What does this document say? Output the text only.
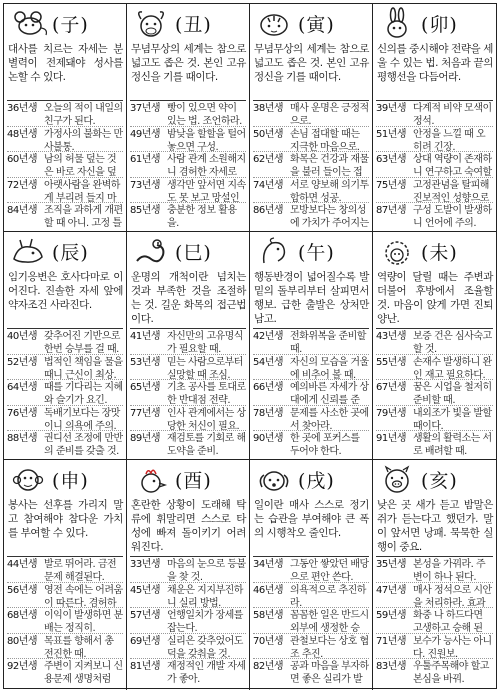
(子)
대사를 치르는 자세는 분별력이 전제돼야 성사를 논할 수 있다.
36년생 오늘의 적이 내일의 친구가 된다.
48년생 가정사의 불화는 만사불통.
60년생 남의 허물 덮는 것은 바로 자신을 덮
72년생 아랫사람을 완벽하게 부리려 들지 마
84년생 조직을 과하게 개편할 때 아니. 고정 틀
(丑)
무념무상의 세계는 참으로 넓고도 좁은 것. 본인 고유 정신을 기를 때이다.
37년생 빵이 있으면 약이 있는 법. 조언하라.
49년생 밤낮을 할할을 털어 놓으면 구성.
61년생 사람 관계 소원해지니 겸허한 자세로
73년생 생각만 앞서면 지속도 못 보고 망설인
85년생 충분한 정보 활용을.
(寅)
무념무상의 세계는 참으로 넓고도 좁은 것. 본인 고유 정신을 기를 때이다.
38년생 매사 운명은 긍정적으로.
50년생 손님 접대할 때는 지극한 마음으로.
62년생 화목은 건강과 재물을 불러 들이는 접
74년생 서로 양보해 의기투합하면 성공.
86년생 모방보다는 창의성에 가치가 주어지는
(卯)
신의를 중시해야 전략을 세울 수 있는 법. 처음과 끝의 평행선을 다듬어라.
39년생 다계적 비약 모색이 정석.
51년생 안정을 느낄 때 오히려 긴장.
63년생 상대 역량이 존재하니 연구하고 숙여할
75년생 고정관념을 탈피해 진보적인 성향으로
87년생 구성 도발이 발생하니 언어에 주의.
(辰)
임기응변은 호사다마로 이어진다. 진솔한 자세 앞에 약자조건 사라진다.
40년생 갖추어진 기반으로 한번 승부를 걸 때.
52년생 법적인 책임을 물을 때니 근신이 최상.
64년생 때를 기다리는 지혜와 슬기가 요긴.
76년생 독배기보다는 장맛이니 의욕에 주의.
88년생 권디선 조정에 만반의 준비를 갖출 것.
(巳)
운명의 개척이란 넘치는 것과 부족한 것을 조절하는 것. 길운 화목의 접근법이다.
41년생 자신만의 고유명식가 필요할 때.
53년생 믿는 사람으로부터 실망할 때 조심.
65년생 기초 공사를 토대로 한 반대점 전략.
77년생 인사 관계에서는 상당한 처신이 필요.
89년생 재검토를 기회로 해 도약을 준비.
(午)
행동반경이 넓어질수록 발밑의 돌부리부터 살피면서 행보. 급한 출발은 상처만 남고.
42년생 전화위복을 준비할 때.
54년생 자신의 모습을 거울에 비추어 볼 때.
66년생 예의바른 자세가 상대에게 신뢰를 준
78년생 문제를 사소한 곳에서 찾아라.
90년생 한 곳에 포커스를 두어야 한다.
(未)
역량이 달릴 때는 주변과 더불어 후방에서 조율할 것. 마음이 앉게 가면 진퇴양난.
43년생 보증 건은 심사숙고할 것.
55년생 손재수 발생하니 완인 재고 필요하다.
67년생 꿈은 시업을 철저히 준비할 때.
79년생 내외조가 빛을 발할 때이다.
91년생 생활의 활력소는 서로 배려할 때.
(申)
봉사는 선후를 가리지 말고 참여해야 참다운 가치를 부여할 수 있다.
44년생 발로 뛰어라. 금전문제 해결된다.
56년생 영전 속에는 어려움이 따른다. 겸허하
68년생 이익이 발생하면 분배는 정직히.
80년생 목표를 향해서 총 전진한 때.
92년생 주변이 지켜보니 신용문제 생명처럼
(酉)
혼란한 상황이 도래해 탁류에 휘말리면 스스로 타성에 빠져 돌이키기 어려워진다.
33년생 마음의 눈으로 등불을 찾 것.
45년생 채운은 지지부진하니 실리 방법.
57년생 언행일치가 장세를 잡는다.
69년생 실리은 갖추었어도 덕을 갖춰을 것.
81년생 재정적인 개발 자세가 좋아.
(戌)
일이란 매사 스스로 정기는 습관을 부여해야 큰 폭의 시행착오 줄인다.
34년생 그동안 쌓았던 배당으로 편안 쓴다.
46년생 의욕적으로 추진하라.
58년생 꼼꼼한 일은 반드시 외부에 생정한 승
70년생 관철보다는 상호 협조 추진.
82년생 공과 마음을 부자하면 좋은 실리가 발
(亥)
낮은 곳 새가 듣고 밤말은 쥐가 듣는다고 했던가. 말이 앞서면 낭패. 묵묵한 실행이 중요.
35년생 본성을 가꿔라. 주변이 하나 된다.
47년생 매사 정석으로 시안을 처리하라. 효과
59년생 화중 나 하드다면 고생하고 승해 된
71년생 보수가 능사는 아니다. 진원보.
83년생 우툴주목해야 할고 본심을 바꿔.
